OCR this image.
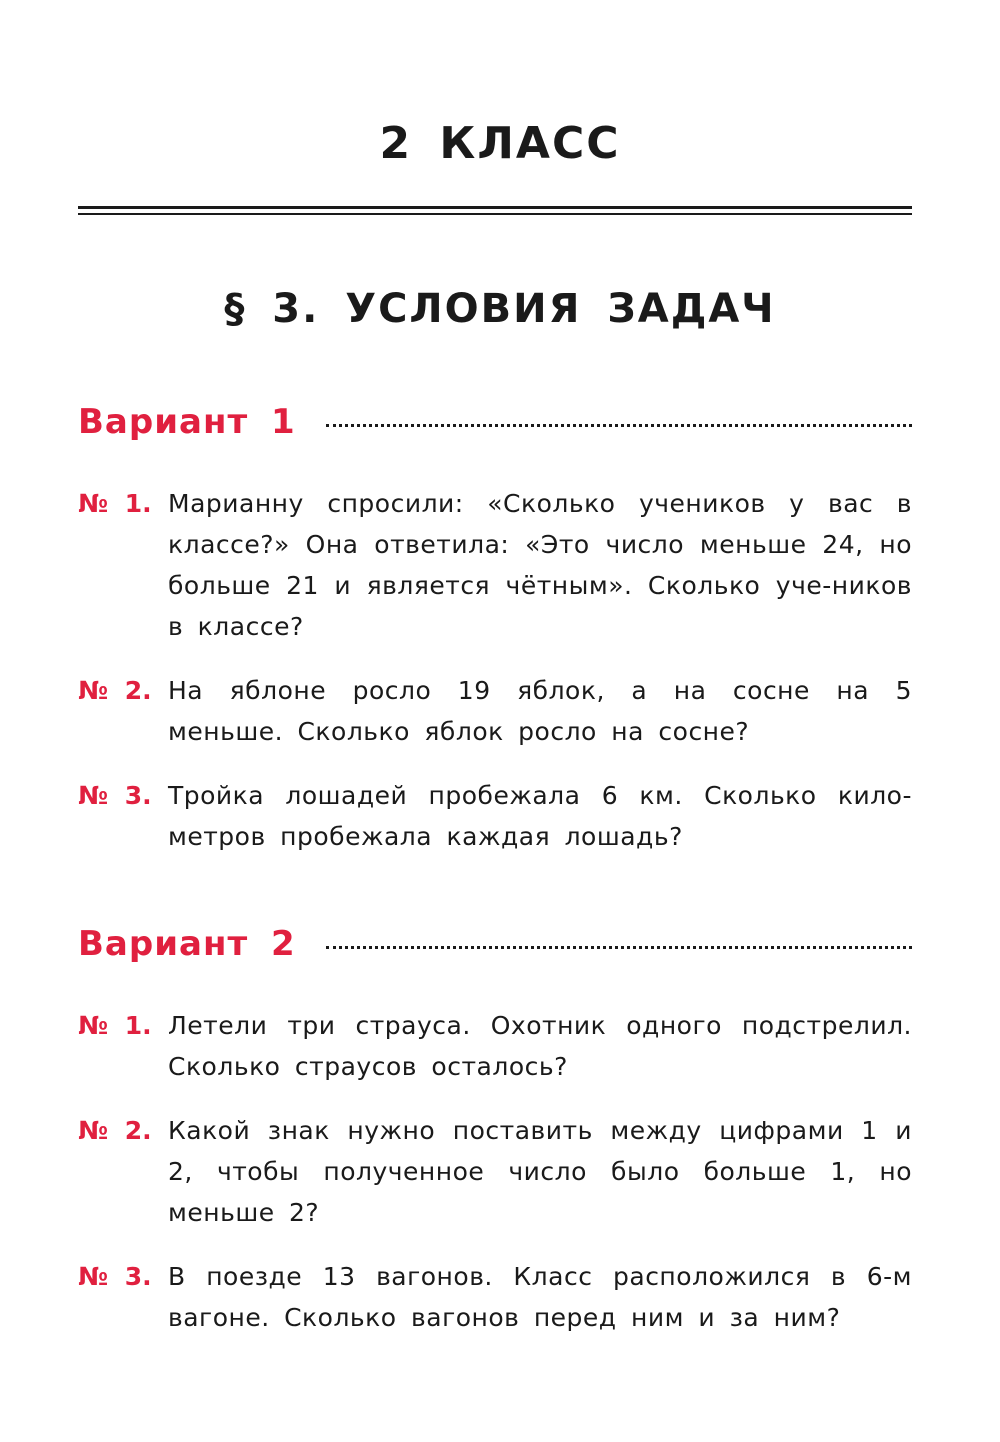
2 КЛАСС
§ 3. УСЛОВИЯ ЗАДАЧ
Вариант 1
№ 1. Марианну спросили: «Сколько учеников у вас в классе?» Она ответила: «Это число меньше 24, но больше 21 и является чётным». Сколько уче-ников в классе?
№ 2. На яблоне росло 19 яблок, а на сосне на 5 меньше. Сколько яблок росло на сосне?
№ 3. Тройка лошадей пробежала 6 км. Сколько кило-метров пробежала каждая лошадь?
Вариант 2
№ 1. Летели три страуса. Охотник одного подстрелил. Сколько страусов осталось?
№ 2. Какой знак нужно поставить между цифрами 1 и 2, чтобы полученное число было больше 1, но меньше 2?
№ 3. В поезде 13 вагонов. Класс расположился в 6-м вагоне. Сколько вагонов перед ним и за ним?
